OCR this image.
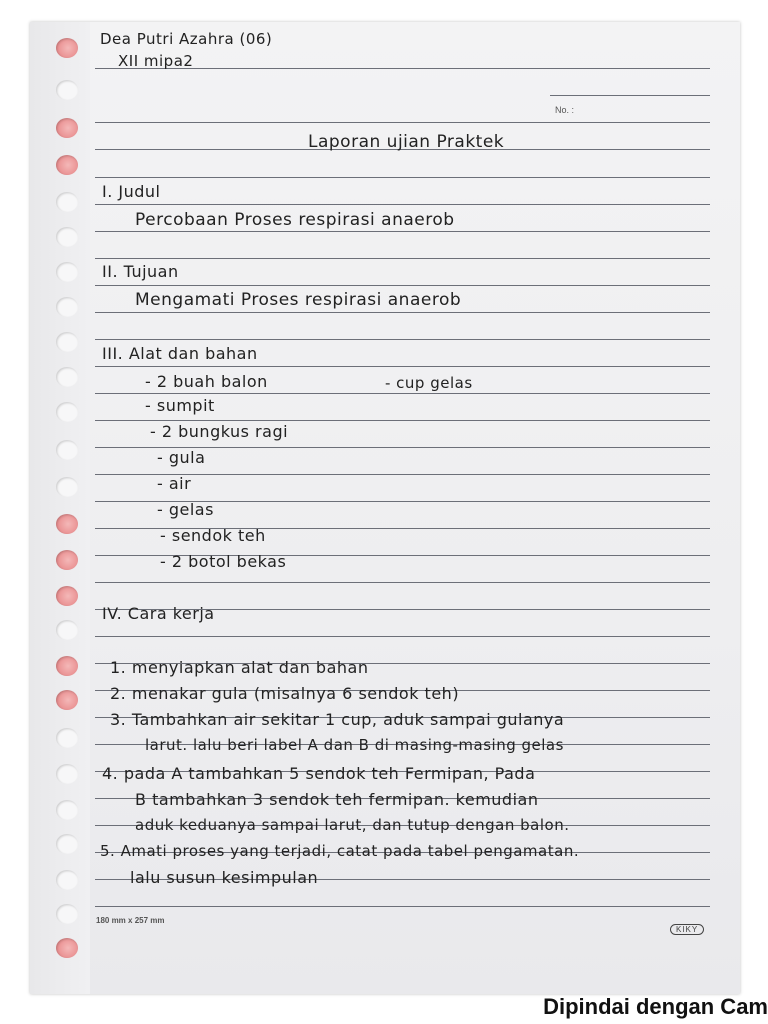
Dea Putri Azahra (06)
XII mipa2
No. :
Laporan ujian Praktek
I. Judul
Percobaan Proses respirasi anaerob
II. Tujuan
Mengamati Proses respirasi anaerob
III. Alat dan bahan
- 2 buah balon	- cup gelas
- sumpit
- 2 bungkus ragi
- gula
- air
- gelas
- sendok teh
- 2 botol bekas
IV. Cara kerja
1. menyiapkan alat dan bahan
2. menakar gula (misalnya 6 sendok teh)
3. Tambahkan air sekitar 1 cup, aduk sampai gulanya
larut. lalu beri label A dan B di masing-masing gelas
4. pada A tambahkan 5 sendok teh Fermipan, Pada
B tambahkan 3 sendok teh fermipan. kemudian
aduk keduanya sampai larut, dan tutup dengan balon.
5. Amati proses yang terjadi, catat pada tabel pengamatan.
lalu susun kesimpulan
180 mm x 257 mm
KIKY
Dipindai dengan Cam
